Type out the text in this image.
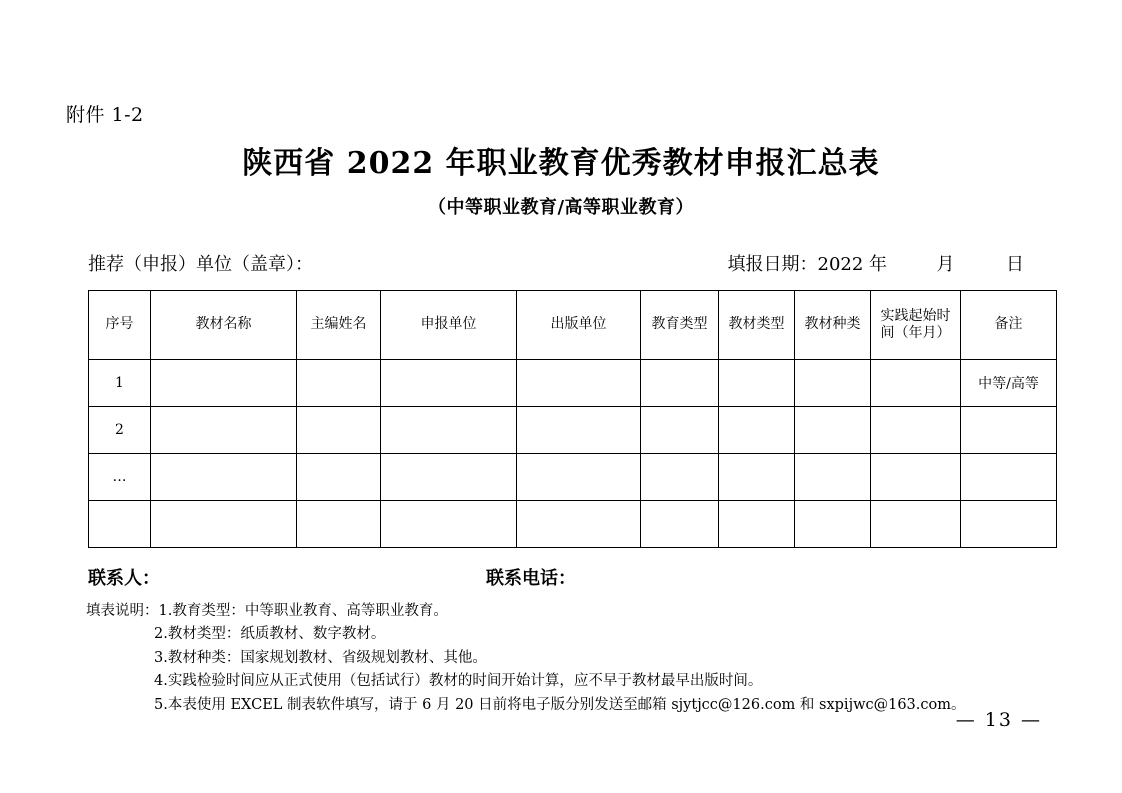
附件 1-2
陕西省 2022 年职业教育优秀教材申报汇总表
（中等职业教育/高等职业教育）
推荐（申报）单位（盖章）：	填报日期：2022 年	月	日
序号	教材名称	主编姓名	申报单位	出版单位	教育类型	教材类型	教材种类	实践起始时
间（年月）	备注
1									中等/高等
2									
…									

联系人：	联系电话：
填表说明：1.教育类型：中等职业教育、高等职业教育。
2.教材类型：纸质教材、数字教材。
3.教材种类：国家规划教材、省级规划教材、其他。
4.实践检验时间应从正式使用（包括试行）教材的时间开始计算，应不早于教材最早出版时间。
5.本表使用 EXCEL 制表软件填写，请于 6 月 20 日前将电子版分别发送至邮箱 sjytjcc@126.com 和 sxpijwc@163.com。
— 13 —
